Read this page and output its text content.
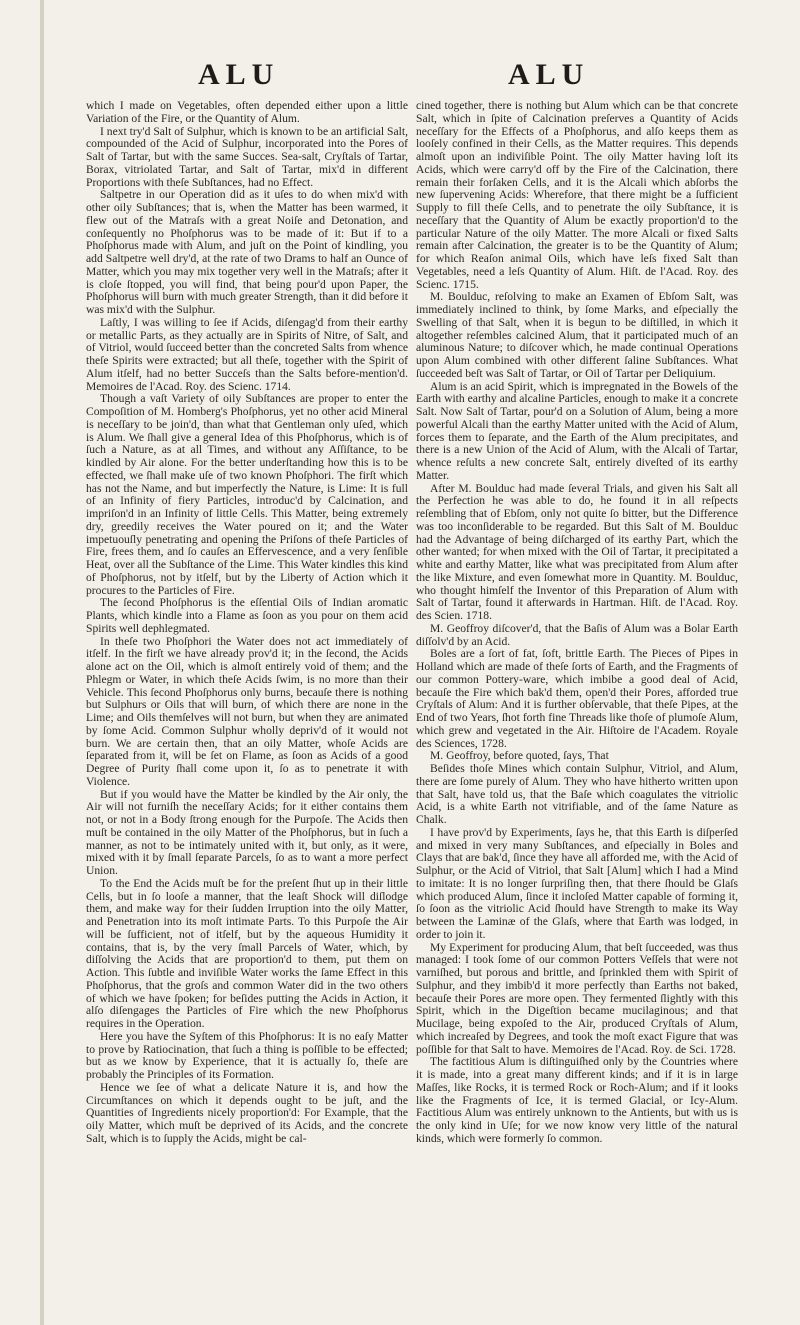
ALU	ALU

which I made on Vegetables, often depended either upon a little Variation of the Fire, or the Quantity of Alum.

I next try'd Salt of Sulphur, which is known to be an artificial Salt, compounded of the Acid of Sulphur, incorporated into the Pores of Salt of Tartar, but with the same Succes. Sea-salt, Cryſtals of Tartar, Borax, vitriolated Tartar, and Salt of Tartar, mix'd in different Proportions with theſe Subſtances, had no Effect.

Saltpetre in our Operation did as it uſes to do when mix'd with other oily Subſtances; that is, when the Matter has been warmed, it flew out of the Matraſs with a great Noiſe and Detonation, and conſequently no Phoſphorus was to be made of it: But if to a Phoſphorus made with Alum, and juſt on the Point of kindling, you add Saltpetre well dry'd, at the rate of two Drams to half an Ounce of Matter, which you may mix together very well in the Matraſs; after it is cloſe ſtopped, you will find, that being pour'd upon Paper, the Phoſphorus will burn with much greater Strength, than it did before it was mix'd with the Sulphur.

Laſtly, I was willing to ſee if Acids, diſengag'd from their earthy or metallic Parts, as they actually are in Spirits of Nitre, of Salt, and of Vitriol, would ſucceed better than the concreted Salts from whence theſe Spirits were extracted; but all theſe, together with the Spirit of Alum itſelf, had no better Succeſs than the Salts before-mention'd. Memoires de l'Acad. Roy. des Scienc. 1714.

Though a vaſt Variety of oily Subſtances are proper to enter the Compoſition of M. Homberg's Phoſphorus, yet no other acid Mineral is neceſſary to be join'd, than what that Gentleman only uſed, which is Alum. We ſhall give a general Idea of this Phoſphorus, which is of ſuch a Nature, as at all Times, and without any Aſſiſtance, to be kindled by Air alone. For the better underſtanding how this is to be effected, we ſhall make uſe of two known Phoſphori. The firſt which has not the Name, and but imperfectly the Nature, is Lime: It is full of an Infinity of fiery Particles, introduc'd by Calcination, and impriſon'd in an Infinity of little Cells. This Matter, being extremely dry, greedily receives the Water poured on it; and the Water impetuouſly penetrating and opening the Priſons of theſe Particles of Fire, frees them, and ſo cauſes an Effervescence, and a very ſenſible Heat, over all the Subſtance of the Lime. This Water kindles this kind of Phoſphorus, not by itſelf, but by the Liberty of Action which it procures to the Particles of Fire.

The ſecond Phoſphorus is the eſſential Oils of Indian aromatic Plants, which kindle into a Flame as ſoon as you pour on them acid Spirits well dephlegmated.

In theſe two Phoſphori the Water does not act immediately of itſelf. In the firſt we have already prov'd it; in the ſecond, the Acids alone act on the Oil, which is almoſt entirely void of them; and the Phlegm or Water, in which theſe Acids ſwim, is no more than their Vehicle. This ſecond Phoſphorus only burns, becauſe there is nothing but Sulphurs or Oils that will burn, of which there are none in the Lime; and Oils themſelves will not burn, but when they are animated by ſome Acid. Common Sulphur wholly depriv'd of it would not burn. We are certain then, that an oily Matter, whoſe Acids are ſeparated from it, will be ſet on Flame, as ſoon as Acids of a good Degree of Purity ſhall come upon it, ſo as to penetrate it with Violence.

But if you would have the Matter be kindled by the Air only, the Air will not furniſh the neceſſary Acids; for it either contains them not, or not in a Body ſtrong enough for the Purpoſe. The Acids then muſt be contained in the oily Matter of the Phoſphorus, but in ſuch a manner, as not to be intimately united with it, but only, as it were, mixed with it by ſmall ſeparate Parcels, ſo as to want a more perfect Union.

To the End the Acids muſt be for the preſent ſhut up in their little Cells, but in ſo looſe a manner, that the leaſt Shock will diſlodge them, and make way for their ſudden Irruption into the oily Matter, and Penetration into its moſt intimate Parts. To this Purpoſe the Air will be ſufficient, not of itſelf, but by the aqueous Humidity it contains, that is, by the very ſmall Parcels of Water, which, by diſſolving the Acids that are proportion'd to them, put them on Action. This ſubtle and inviſible Water works the ſame Effect in this Phoſphorus, that the groſs and common Water did in the two others of which we have ſpoken; for beſides putting the Acids in Action, it alſo diſengages the Particles of Fire which the new Phoſphorus requires in the Operation.

Here you have the Syſtem of this Phoſphorus: It is no eaſy Matter to prove by Ratiocination, that ſuch a thing is poſſible to be effected; but as we know by Experience, that it is actually ſo, theſe are probably the Principles of its Formation.

Hence we ſee of what a delicate Nature it is, and how the Circumſtances on which it depends ought to be juſt, and the Quantities of Ingredients nicely proportion'd: For Example, that the oily Matter, which muſt be deprived of its Acids, and the concrete Salt, which is to ſupply the Acids, might be cal-

cined together, there is nothing but Alum which can be that concrete Salt, which in ſpite of Calcination preſerves a Quantity of Acids neceſſary for the Effects of a Phoſphorus, and alſo keeps them as looſely confined in their Cells, as the Matter requires. This depends almoſt upon an indiviſible Point. The oily Matter having loſt its Acids, which were carry'd off by the Fire of the Calcination, there remain their forſaken Cells, and it is the Alcali which abſorbs the new ſupervening Acids: Wherefore, that there might be a ſufficient Supply to fill theſe Cells, and to penetrate the oily Subſtance, it is neceſſary that the Quantity of Alum be exactly proportion'd to the particular Nature of the oily Matter. The more Alcali or fixed Salts remain after Calcination, the greater is to be the Quantity of Alum; for which Reaſon animal Oils, which have leſs fixed Salt than Vegetables, need a leſs Quantity of Alum. Hiſt. de l'Acad. Roy. des Scienc. 1715.

M. Boulduc, reſolving to make an Examen of Ebſom Salt, was immediately inclined to think, by ſome Marks, and eſpecially the Swelling of that Salt, when it is begun to be diſtilled, in which it altogether reſembles calcined Alum, that it participated much of an aluminous Nature; to diſcover which, he made continual Operations upon Alum combined with other different ſaline Subſtances. What ſucceeded beſt was Salt of Tartar, or Oil of Tartar per Deliquium.

Alum is an acid Spirit, which is impregnated in the Bowels of the Earth with earthy and alcaline Particles, enough to make it a concrete Salt. Now Salt of Tartar, pour'd on a Solution of Alum, being a more powerful Alcali than the earthy Matter united with the Acid of Alum, forces them to ſeparate, and the Earth of the Alum precipitates, and there is a new Union of the Acid of Alum, with the Alcali of Tartar, whence reſults a new concrete Salt, entirely diveſted of its earthy Matter.

After M. Boulduc had made ſeveral Trials, and given his Salt all the Perfection he was able to do, he found it in all reſpects reſembling that of Ebſom, only not quite ſo bitter, but the Difference was too inconſiderable to be regarded. But this Salt of M. Boulduc had the Advantage of being diſcharged of its earthy Part, which the other wanted; for when mixed with the Oil of Tartar, it precipitated a white and earthy Matter, like what was precipitated from Alum after the like Mixture, and even ſomewhat more in Quantity. M. Boulduc, who thought himſelf the Inventor of this Preparation of Alum with Salt of Tartar, found it afterwards in Hartman. Hiſt. de l'Acad. Roy. des Scien. 1718.

M. Geoffroy diſcover'd, that the Baſis of Alum was a Bolar Earth diſſolv'd by an Acid.

Boles are a ſort of fat, ſoft, brittle Earth. The Pieces of Pipes in Holland which are made of theſe ſorts of Earth, and the Fragments of our common Pottery-ware, which imbibe a good deal of Acid, becauſe the Fire which bak'd them, open'd their Pores, afforded true Cryſtals of Alum: And it is further obſervable, that theſe Pipes, at the End of two Years, ſhot forth fine Threads like thoſe of plumoſe Alum, which grew and vegetated in the Air. Hiſtoire de l'Academ. Royale des Sciences, 1728.

M. Geoffroy, before quoted, ſays, That

Beſides thoſe Mines which contain Sulphur, Vitriol, and Alum, there are ſome purely of Alum. They who have hitherto written upon that Salt, have told us, that the Baſe which coagulates the vitriolic Acid, is a white Earth not vitrifiable, and of the ſame Nature as Chalk.

I have prov'd by Experiments, ſays he, that this Earth is diſperſed and mixed in very many Subſtances, and eſpecially in Boles and Clays that are bak'd, ſince they have all afforded me, with the Acid of Sulphur, or the Acid of Vitriol, that Salt [Alum] which I had a Mind to imitate: It is no longer ſurpriſing then, that there ſhould be Glaſs which produced Alum, ſince it incloſed Matter capable of forming it, ſo ſoon as the vitriolic Acid ſhould have Strength to make its Way between the Laminæ of the Glaſs, where that Earth was lodged, in order to join it.

My Experiment for producing Alum, that beſt ſucceeded, was thus managed: I took ſome of our common Potters Veſſels that were not varniſhed, but porous and brittle, and ſprinkled them with Spirit of Sulphur, and they imbib'd it more perfectly than Earths not baked, becauſe their Pores are more open. They fermented ſlightly with this Spirit, which in the Digeſtion became mucilaginous; and that Mucilage, being expoſed to the Air, produced Cryſtals of Alum, which increaſed by Degrees, and took the moſt exact Figure that was poſſible for that Salt to have. Memoires de l'Acad. Roy. de Sci. 1728.

The factitious Alum is diſtinguiſhed only by the Countries where it is made, into a great many different kinds; and if it is in large Maſſes, like Rocks, it is termed Rock or Roch-Alum; and if it looks like the Fragments of Ice, it is termed Glacial, or Icy-Alum. Factitious Alum was entirely unknown to the Antients, but with us is the only kind in Uſe; for we now know very little of the natural kinds, which were formerly ſo common.
